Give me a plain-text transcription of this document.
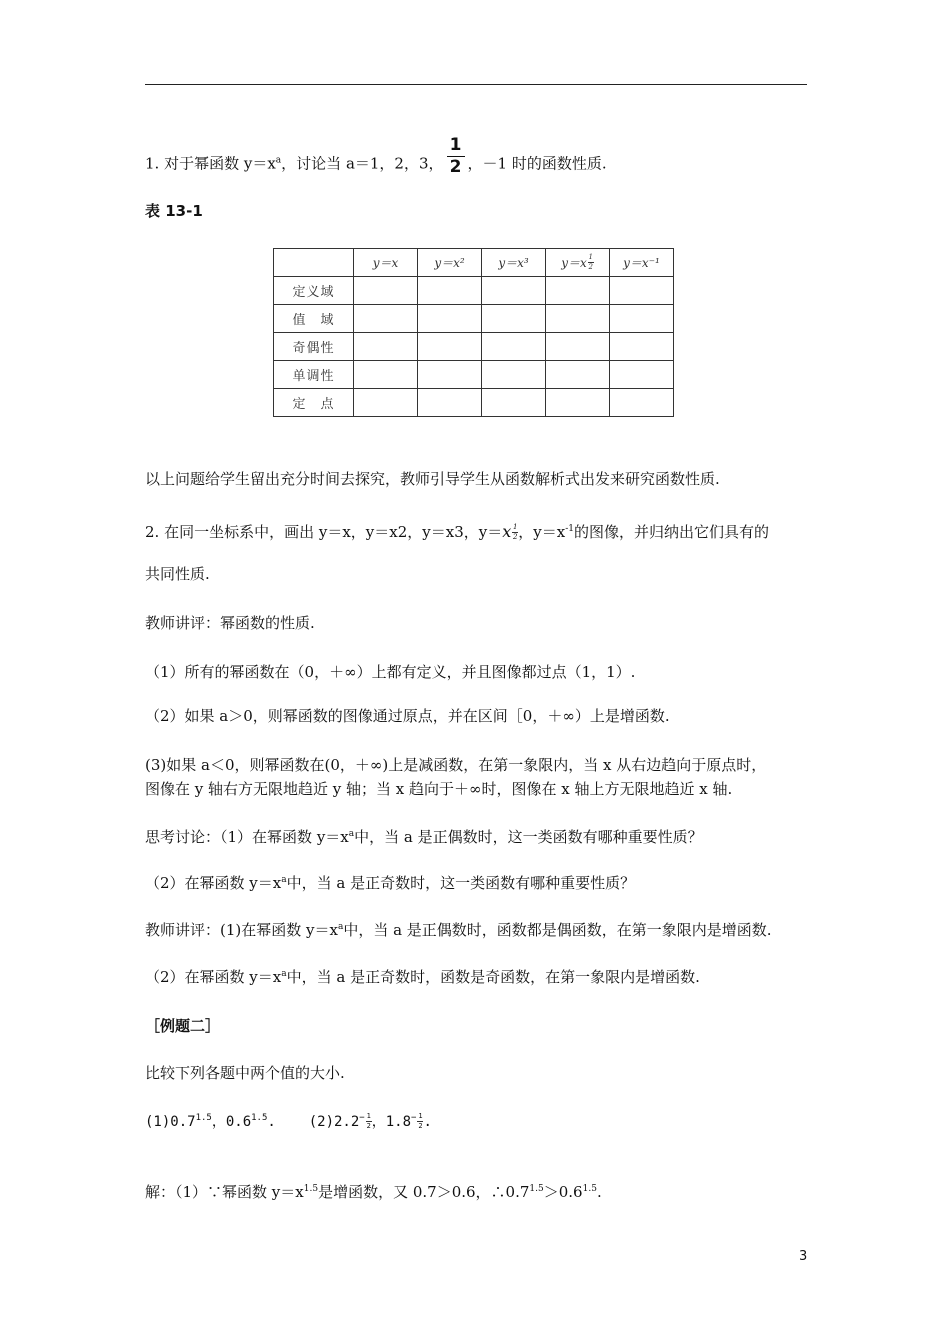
1. 对于幂函数 $y=x^a$，讨论当 a＝1，2，3， $\frac{1}{2}$ ，－1 时的函数性质.
表 13-1
	y＝x	y＝x²	y＝x³	$y=x \frac{1}{2}$	y＝x⁻¹
定义域					
值　域					
奇偶性					
单调性					
定　点					
以上问题给学生留出充分时间去探究，教师引导学生从函数解析式出发来研究函数性质.
2. 在同一坐标系中，画出 y＝x，y＝x2，y＝x3，$y=x \frac{1}{2}$ ，$y=x^{-1}$的图像，并归纳出它们具有的
共同性质.
教师讲评：幂函数的性质.
（1）所有的幂函数在（0，＋∞）上都有定义，并且图像都过点（1，1）.
（2）如果 a＞0，则幂函数的图像通过原点，并在区间［0，＋∞）上是增函数.
(3)如果 a＜0，则幂函数在(0，＋∞)上是减函数，在第一象限内，当 x 从右边趋向于原点时，
图像在 y 轴右方无限地趋近 y 轴；当 x 趋向于＋∞时，图像在 x 轴上方无限地趋近 x 轴.
思考讨论：（1）在幂函数 $y=x^a$中，当 a 是正偶数时，这一类函数有哪种重要性质？
（2）在幂函数 $y=x^a$中，当 a 是正奇数时，这一类函数有哪种重要性质？
教师讲评：(1)在幂函数 $y=x^a$中，当 a 是正偶数时，函数都是偶函数，在第一象限内是增函数.
（2）在幂函数 $y=x^a$中，当 a 是正奇数时，函数是奇函数，在第一象限内是增函数.
［例题二］
比较下列各题中两个值的大小.
$(1)0.7^{1.5}$，$0.6^{1.5}$. $(2)2.2^{- \frac{1}{2}}$ ，$1.8^{- \frac{1}{2}}$ .
解：（1）∵幂函数 $y=x^{1.5}$是增函数，又 0.7＞0.6，$\therefore 0.7^{1.5}>0.6^{1.5}$.
3
